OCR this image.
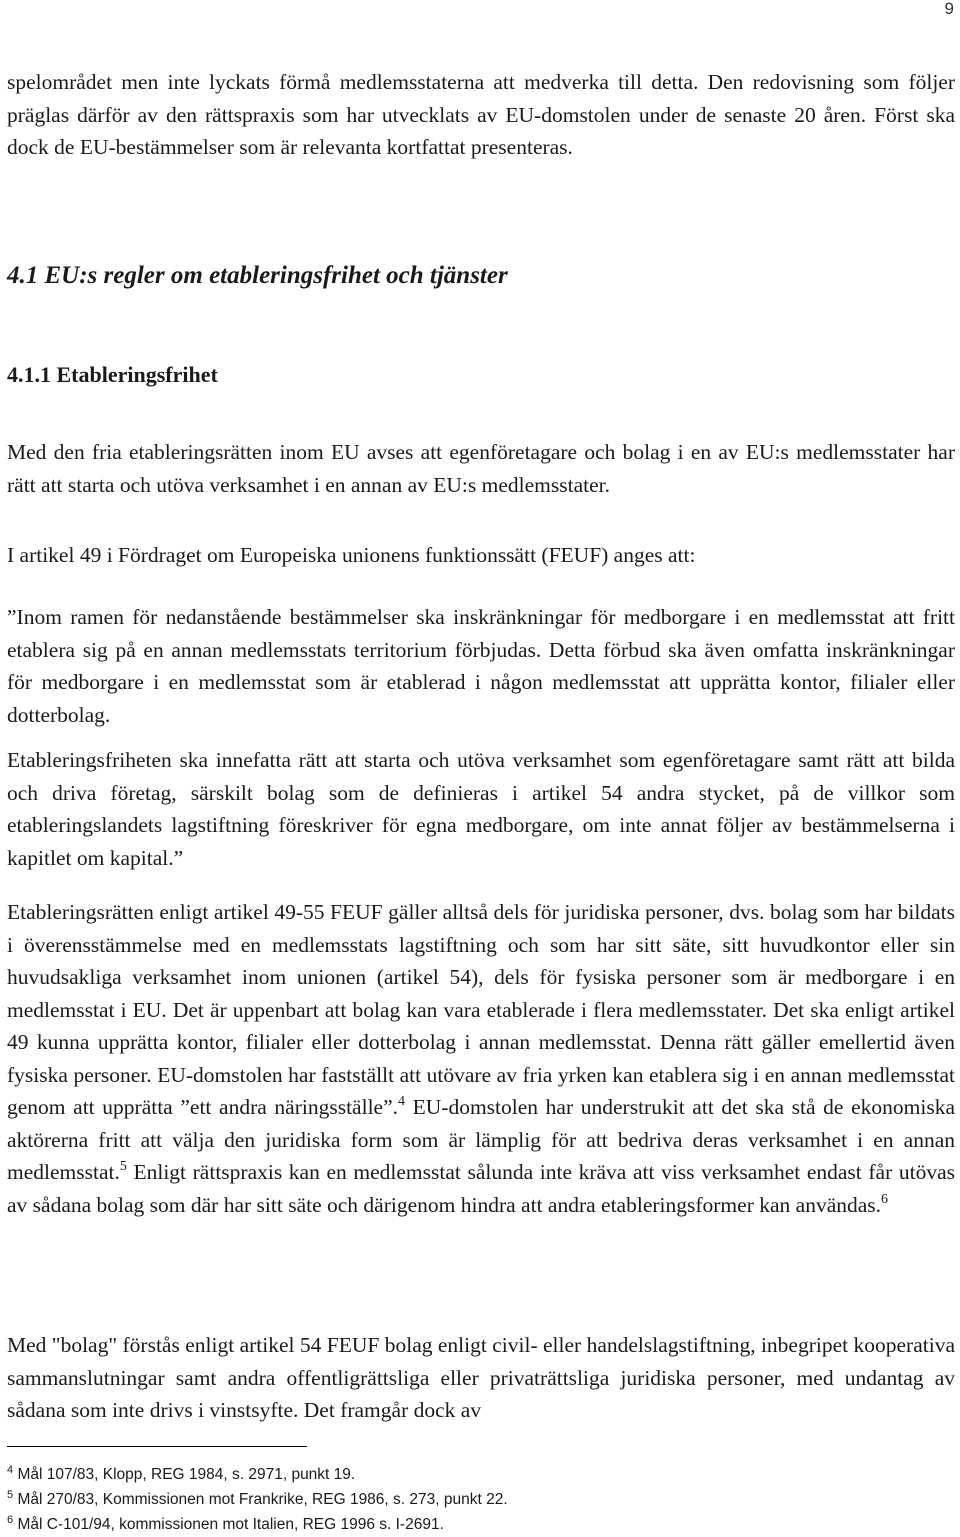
9

spelområdet men inte lyckats förmå medlemsstaterna att medverka till detta. Den redovisning som följer präglas därför av den rättspraxis som har utvecklats av EU-domstolen under de senaste 20 åren. Först ska dock de EU-bestämmelser som är relevanta kortfattat presenteras.

4.1 EU:s regler om etableringsfrihet och tjänster
4.1.1 Etableringsfrihet

Med den fria etableringsrätten inom EU avses att egenföretagare och bolag i en av EU:s medlemsstater har rätt att starta och utöva verksamhet i en annan av EU:s medlemsstater.

I artikel 49 i Fördraget om Europeiska unionens funktionssätt (FEUF) anges att:

”Inom ramen för nedanstående bestämmelser ska inskränkningar för medborgare i en medlemsstat att fritt etablera sig på en annan medlemsstats territorium förbjudas. Detta förbud ska även omfatta inskränkningar för medborgare i en medlemsstat som är etablerad i någon medlemsstat att upprätta kontor, filialer eller dotterbolag.

Etableringsfriheten ska innefatta rätt att starta och utöva verksamhet som egenföretagare samt rätt att bilda och driva företag, särskilt bolag som de definieras i artikel 54 andra stycket, på de villkor som etableringslandets lagstiftning föreskriver för egna medborgare, om inte annat följer av bestämmelserna i kapitlet om kapital.”

Etableringsrätten enligt artikel 49-55 FEUF gäller alltså dels för juridiska personer, dvs. bolag som har bildats i överensstämmelse med en medlemsstats lagstiftning och som har sitt säte, sitt huvudkontor eller sin huvudsakliga verksamhet inom unionen (artikel 54), dels för fysiska personer som är medborgare i en medlemsstat i EU. Det är uppenbart att bolag kan vara etablerade i flera medlemsstater. Det ska enligt artikel 49 kunna upprätta kontor, filialer eller dotterbolag i annan medlemsstat. Denna rätt gäller emellertid även fysiska personer. EU-domstolen har fastställt att utövare av fria yrken kan etablera sig i en annan medlemsstat genom att upprätta ”ett andra näringsställe”.$^4$ EU-domstolen har understrukit att det ska stå de ekonomiska aktörerna fritt att välja den juridiska form som är lämplig för att bedriva deras verksamhet i en annan medlemsstat.$^5$ Enligt rättspraxis kan en medlemsstat sålunda inte kräva att viss verksamhet endast får utövas av sådana bolag som där har sitt säte och därigenom hindra att andra etableringsformer kan användas.$^6$

Med "bolag" förstås enligt artikel 54 FEUF bolag enligt civil- eller handelslagstiftning, inbegripet kooperativa sammanslutningar samt andra offentligrättsliga eller privaträttsliga juridiska personer, med undantag av sådana som inte drivs i vinstsyfte. Det framgår dock av

$^4$ Mål 107/83, Klopp, REG 1984, s. 2971, punkt 19.

$^5$ Mål 270/83, Kommissionen mot Frankrike, REG 1986, s. 273, punkt 22.

$^6$ Mål C-101/94, kommissionen mot Italien, REG 1996 s. I-2691.
